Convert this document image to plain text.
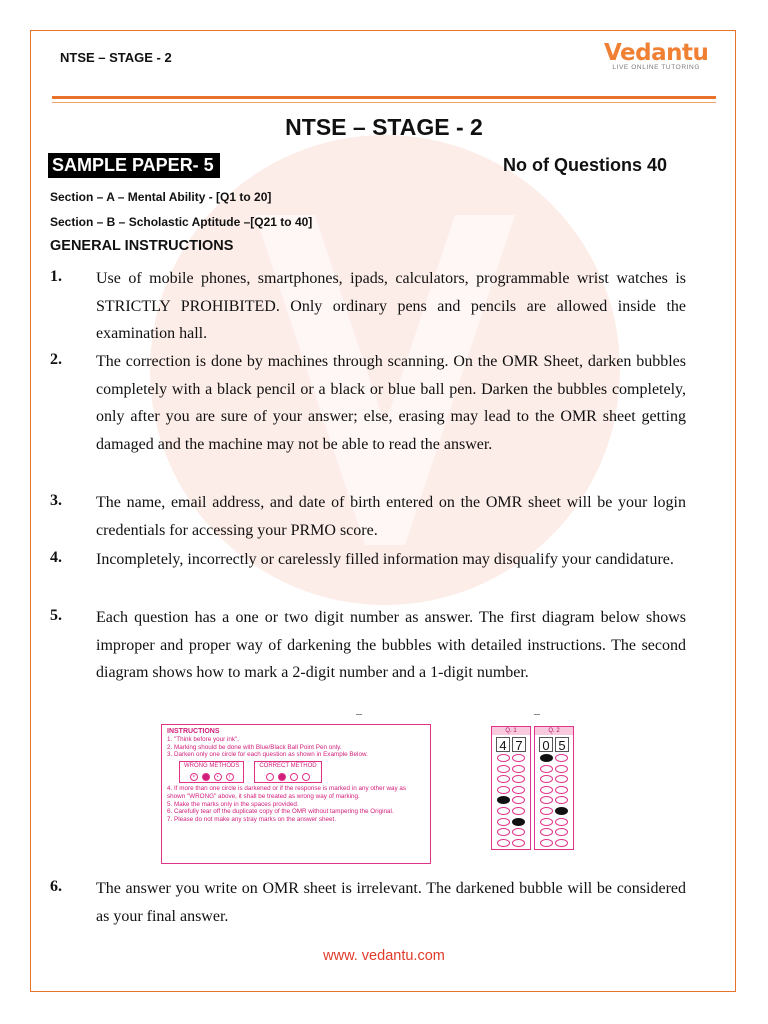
NTSE – STAGE - 2	Vedantu
LIVE ONLINE TUTORING
NTSE – STAGE - 2
SAMPLE PAPER- 5	No of Questions 40
Section – A – Mental Ability - [Q1 to 20]
Section – B – Scholastic Aptitude –[Q21 to 40]
GENERAL INSTRUCTIONS
1. Use of mobile phones, smartphones, ipads, calculators, programmable wrist watches is STRICTLY PROHIBITED. Only ordinary pens and pencils are allowed inside the examination hall.
2. The correction is done by machines through scanning. On the OMR Sheet, darken bubbles completely with a black pencil or a black or blue ball pen. Darken the bubbles completely, only after you are sure of your answer; else, erasing may lead to the OMR sheet getting damaged and the machine may not be able to read the answer.
3. The name, email address, and date of birth entered on the OMR sheet will be your login credentials for accessing your PRMO score.
4. Incompletely, incorrectly or carelessly filled information may disqualify your candidature.
5. Each question has a one or two digit number as answer. The first diagram below shows improper and proper way of darkening the bubbles with detailed instructions. The second diagram shows how to mark a 2-digit number and a 1-digit number.
INSTRUCTIONS
1. "Think before your ink".
2. Marking should be done with Blue/Black Ball Point Pen only.
3. Darken only one circle for each question as shown in Example Below.
WRONG METHODS
×	•	/
CORRECT METHOD
4. If more than one circle is darkened or if the response is marked in any other way as shown "WRONG" above, it shall be treated as wrong way of marking.
5. Make the marks only in the spaces provided.
6. Carefully tear off the duplicate copy of the OMR without tampering the Original.
7. Please do not make any stray marks on the answer sheet.
Q. 1
4 7
Q. 2
0 5
6. The answer you write on OMR sheet is irrelevant. The darkened bubble will be considered as your final answer.
www. vedantu.com
